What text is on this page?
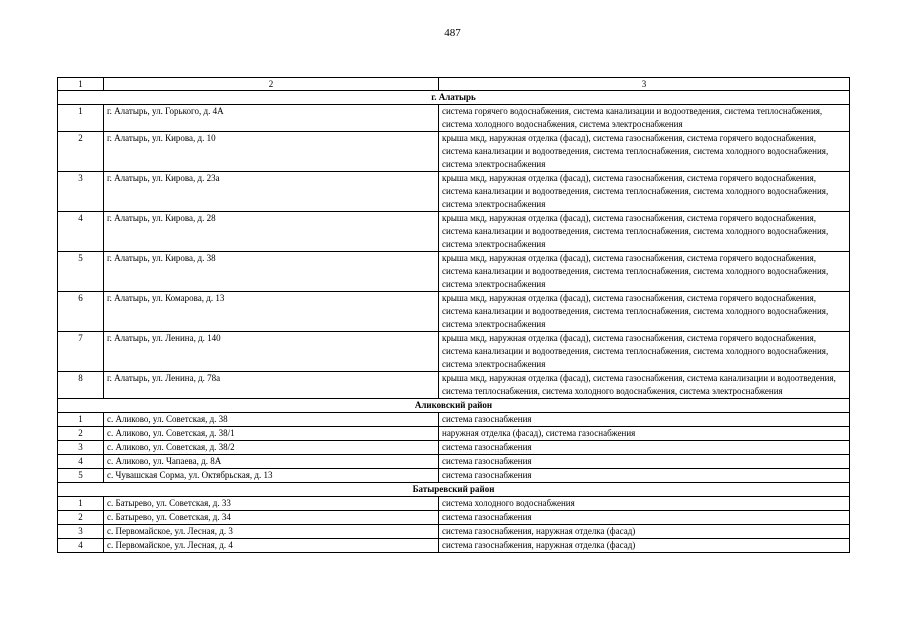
487
1	2	3
г. Алатырь		
1	г. Алатырь, ул. Горького, д. 4А	система горячего водоснабжения, система канализации и водоотведения, система теплоснабжения, система холодного водоснабжения, система электроснабжения
2	г. Алатырь, ул. Кирова, д. 10	крыша мкд, наружная отделка (фасад), система газоснабжения, система горячего водоснабжения, система канализации и водоотведения, система теплоснабжения, система холодного водоснабжения, система электроснабжения
3	г. Алатырь, ул. Кирова, д. 23а	крыша мкд, наружная отделка (фасад), система газоснабжения, система горячего водоснабжения, система канализации и водоотведения, система теплоснабжения, система холодного водоснабжения, система электроснабжения
4	г. Алатырь, ул. Кирова, д. 28	крыша мкд, наружная отделка (фасад), система газоснабжения, система горячего водоснабжения, система канализации и водоотведения, система теплоснабжения, система холодного водоснабжения, система электроснабжения
5	г. Алатырь, ул. Кирова, д. 38	крыша мкд, наружная отделка (фасад), система газоснабжения, система горячего водоснабжения, система канализации и водоотведения, система теплоснабжения, система холодного водоснабжения, система электроснабжения
6	г. Алатырь, ул. Комарова, д. 13	крыша мкд, наружная отделка (фасад), система газоснабжения, система горячего водоснабжения, система канализации и водоотведения, система теплоснабжения, система холодного водоснабжения, система электроснабжения
7	г. Алатырь, ул. Ленина, д. 140	крыша мкд, наружная отделка (фасад), система газоснабжения, система горячего водоснабжения, система канализации и водоотведения, система теплоснабжения, система холодного водоснабжения, система электроснабжения
8	г. Алатырь, ул. Ленина, д. 78а	крыша мкд, наружная отделка (фасад), система газоснабжения, система канализации и водоотведения, система теплоснабжения, система холодного водоснабжения, система электроснабжения
Аликовский район		
1	с. Аликово, ул. Советская, д. 38	система газоснабжения
2	с. Аликово, ул. Советская, д. 38/1	наружная отделка (фасад), система газоснабжения
3	с. Аликово, ул. Советская, д. 38/2	система газоснабжения
4	с. Аликово, ул. Чапаева, д. 8А	система газоснабжения
5	с. Чувашская Сорма, ул. Октябрьская, д. 13	система газоснабжения
Батыревский район		
1	с. Батырево, ул. Советская, д. 33	система холодного водоснабжения
2	с. Батырево, ул. Советская, д. 34	система газоснабжения
3	с. Первомайское, ул. Лесная, д. 3	система газоснабжения, наружная отделка (фасад)
4	с. Первомайское, ул. Лесная, д. 4	система газоснабжения, наружная отделка (фасад)
